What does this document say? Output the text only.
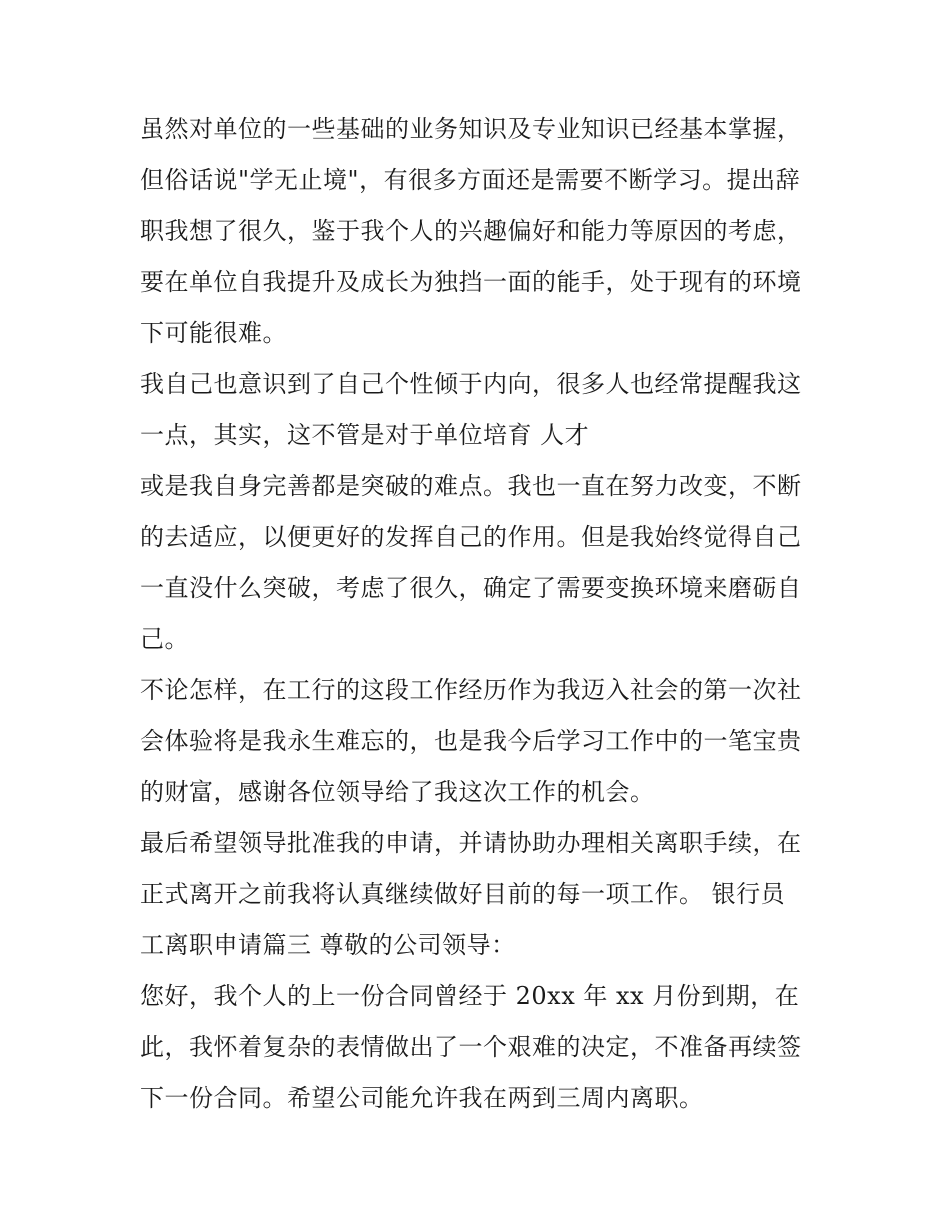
虽然对单位的一些基础的业务知识及专业知识已经基本掌握，
但俗话说"学无止境"，有很多方面还是需要不断学习。提出辞
职我想了很久，鉴于我个人的兴趣偏好和能力等原因的考虑，
要在单位自我提升及成长为独挡一面的能手，处于现有的环境
下可能很难。
我自己也意识到了自己个性倾于内向，很多人也经常提醒我这
一点，其实，这不管是对于单位培育 人才
或是我自身完善都是突破的难点。我也一直在努力改变，不断
的去适应，以便更好的发挥自己的作用。但是我始终觉得自己
一直没什么突破，考虑了很久，确定了需要变换环境来磨砺自
己。
不论怎样，在工行的这段工作经历作为我迈入社会的第一次社
会体验将是我永生难忘的，也是我今后学习工作中的一笔宝贵
的财富，感谢各位领导给了我这次工作的机会。
最后希望领导批准我的申请，并请协助办理相关离职手续，在
正式离开之前我将认真继续做好目前的每一项工作。 银行员
工离职申请篇三 尊敬的公司领导：
您好，我个人的上一份合同曾经于 20xx 年 xx 月份到期，在
此，我怀着复杂的表情做出了一个艰难的决定，不准备再续签
下一份合同。希望公司能允许我在两到三周内离职。
